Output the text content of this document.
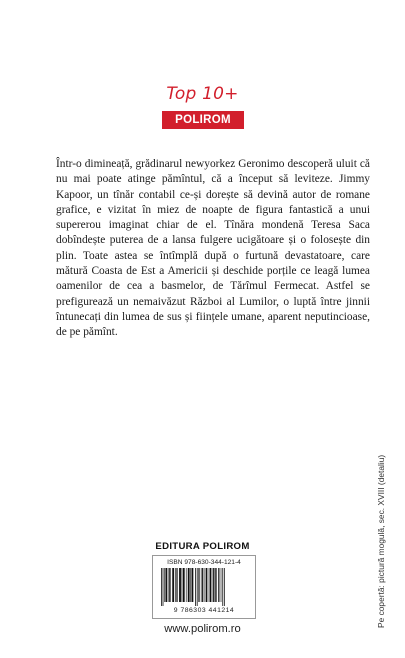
Top 10+
POLIROM

Într-o dimineață, grădinarul newyorkez Geronimo descoperă uluit că nu mai poate atinge pămîntul, că a început să leviteze. Jimmy Kapoor, un tînăr contabil ce-și dorește să devină autor de romane grafice, e vizitat în miez de noapte de figura fantastică a unui supererou imaginat chiar de el. Tînăra mondenă Teresa Saca dobîndește puterea de a lansa fulgere ucigătoare și o folosește din plin. Toate astea se întîmplă după o furtună devastatoare, care mătură Coasta de Est a Americii și deschide porțile ce leagă lumea oamenilor de cea a basmelor, de Tărîmul Fermecat. Astfel se prefigurează un nemaivăzut Război al Lumilor, o luptă între jinnii întunecați din lumea de sus și ființele umane, aparent neputincioase, de pe pămînt.

Pe copertă: pictură mogulă, sec. XVIII (detaliu)
EDITURA POLIROM
ISBN 978-630-344-121-4
9 786303 441214
www.polirom.ro
